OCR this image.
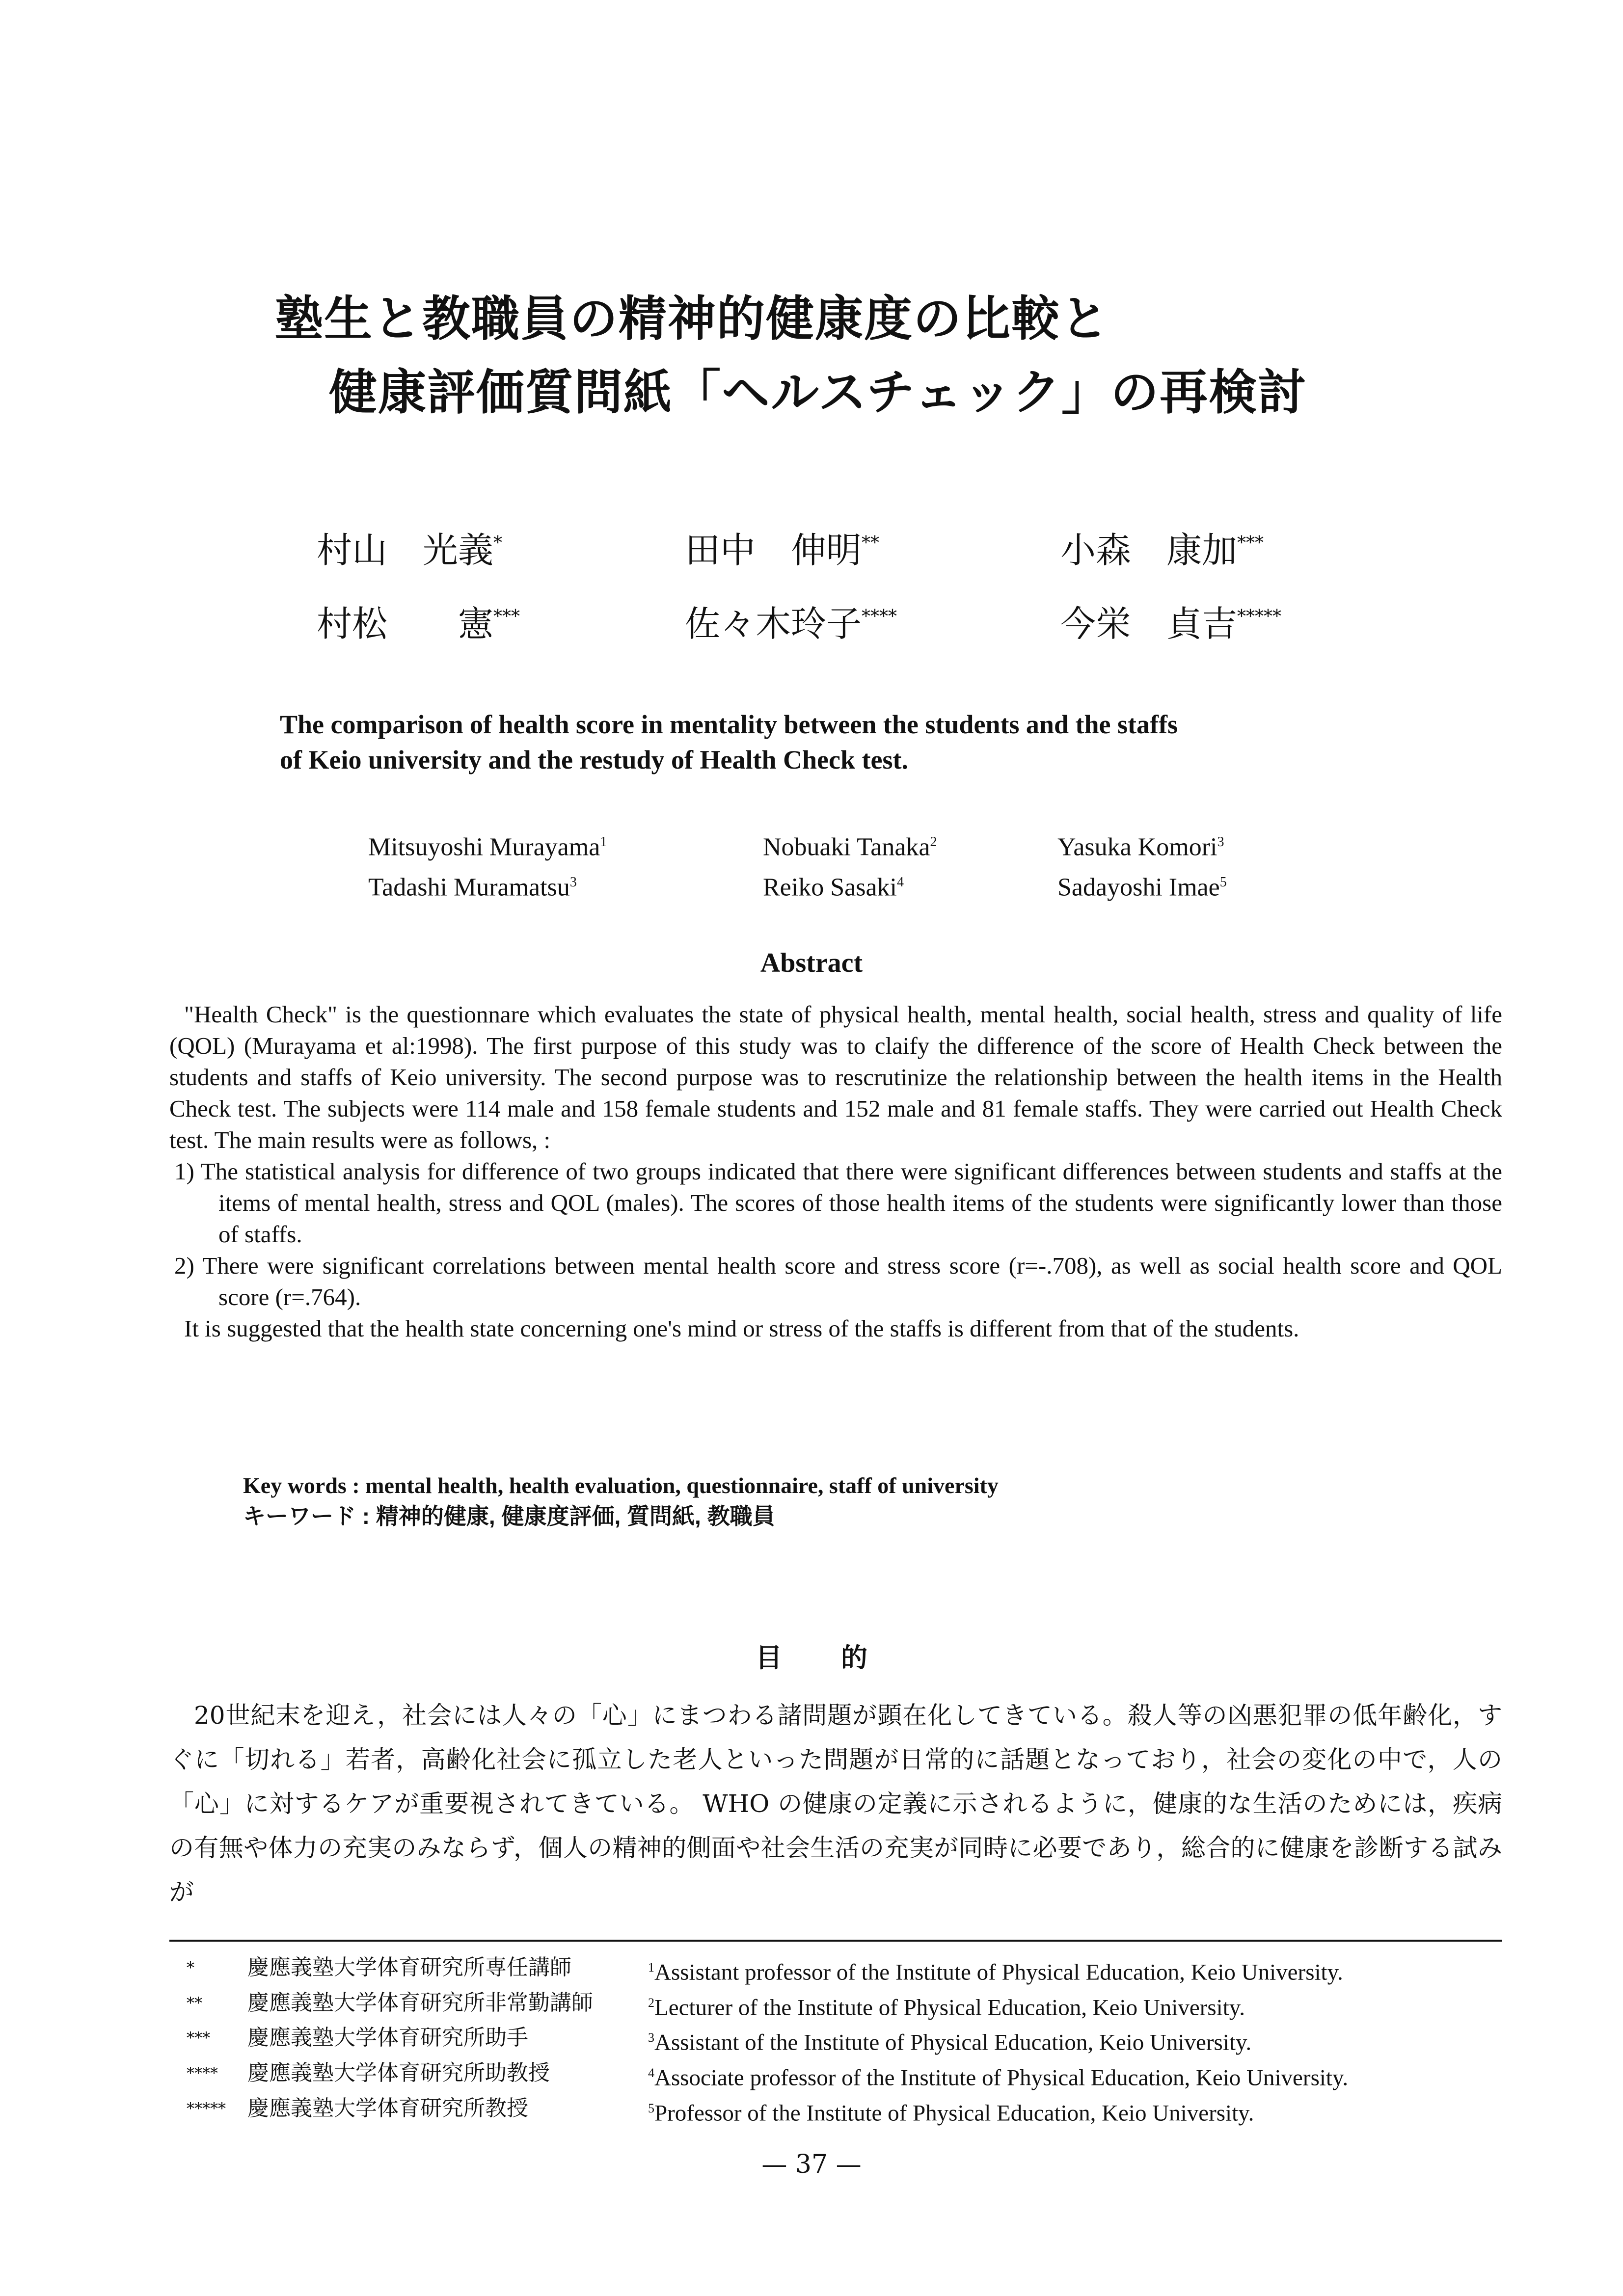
塾生と教職員の精神的健康度の比較と
健康評価質問紙「ヘルスチェック」の再検討
村山　光義*	田中　伸明**	小森　康加***
村松　　憲***	佐々木玲子****	今栄　貞吉*****
The comparison of health score in mentality between the students and the staffs
of Keio university and the restudy of Health Check test.
Mitsuyoshi Murayama$^1$	Nobuaki Tanaka$^2$	Yasuka Komori$^3$
Tadashi Muramatsu$^3$	Reiko Sasaki$^4$	Sadayoshi Imae$^5$
Abstract

"Health Check" is the questionnare which evaluates the state of physical health, mental health, social health, stress and quality of life (QOL) (Murayama et al:1998). The first purpose of this study was to claify the difference of the score of Health Check between the students and staffs of Keio university. The second purpose was to rescrutinize the relationship between the health items in the Health Check test. The subjects were 114 male and 158 female students and 152 male and 81 female staffs. They were carried out Health Check test. The main results were as follows, :

1) The statistical analysis for difference of two groups indicated that there were significant differences between students and staffs at the items of mental health, stress and QOL (males). The scores of those health items of the students were significantly lower than those of staffs.

2) There were significant correlations between mental health score and stress score (r=-.708), as well as social health score and QOL score (r=.764).

It is suggested that the health state concerning one's mind or stress of the staffs is different from that of the students.

Key words : mental health, health evaluation, questionnaire, staff of university
キーワード : 精神的健康, 健康度評価, 質問紙, 教職員
目的

20世紀末を迎え，社会には人々の「心」にまつわる諸問題が顕在化してきている。殺人等の凶悪犯罪の低年齢化，すぐに「切れる」若者，高齢化社会に孤立した老人といった問題が日常的に話題となっており，社会の変化の中で，人の「心」に対するケアが重要視されてきている。 WHO の健康の定義に示されるように，健康的な生活のためには，疾病の有無や体力の充実のみならず，個人の精神的側面や社会生活の充実が同時に必要であり，総合的に健康を診断する試みが

*	慶應義塾大学体育研究所専任講師	$^1$Assistant professor of the Institute of Physical Education, Keio University.
**	慶應義塾大学体育研究所非常勤講師	$^2$Lecturer of the Institute of Physical Education, Keio University.
***	慶應義塾大学体育研究所助手	$^3$Assistant of the Institute of Physical Education, Keio University.
****	慶應義塾大学体育研究所助教授	$^4$Associate professor of the Institute of Physical Education, Keio University.
*****	慶應義塾大学体育研究所教授	$^5$Professor of the Institute of Physical Education, Keio University.
— 37 —
